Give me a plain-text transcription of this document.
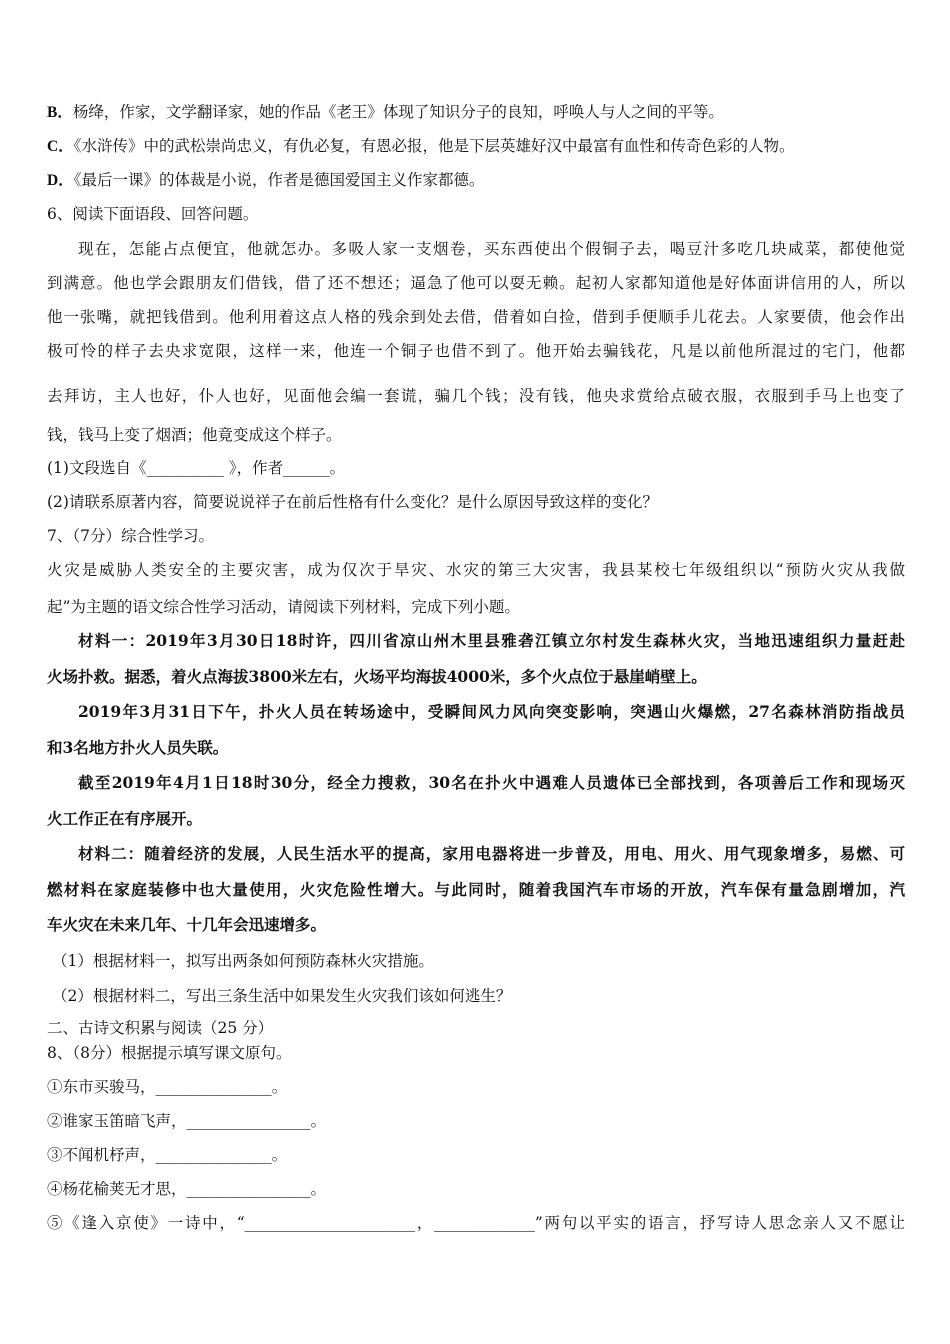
B．杨绛，作家，文学翻译家，她的作品《老王》体现了知识分子的良知，呼唤人与人之间的平等。
C．《水浒传》中的武松崇尚忠义，有仇必复，有恩必报，他是下层英雄好汉中最富有血性和传奇色彩的人物。
D．《最后一课》的体裁是小说，作者是德国爱国主义作家都德。
6、阅读下面语段、回答问题。
现在，怎能占点便宜，他就怎办。多吸人家一支烟卷，买东西使出个假铜子去，喝豆汁多吃几块咸菜，都使他觉
到满意。他也学会跟朋友们借钱，借了还不想还；逼急了他可以耍无赖。起初人家都知道他是好体面讲信用的人，所以
他一张嘴，就把钱借到。他利用着这点人格的残余到处去借，借着如白捡，借到手便顺手儿花去。人家要债，他会作出
极可怜的样子去央求宽限，这样一来，他连一个铜子也借不到了。他开始去骗钱花，凡是以前他所混过的宅门，他都
去拜访，主人也好，仆人也好，见面他会编一套谎，骗几个钱；没有钱，他央求赏给点破衣服，衣服到手马上也变了
钱，钱马上变了烟酒；他竟变成这个样子。
(1)文段选自《__________ 》，作者______。
(2)请联系原著内容，简要说说祥子在前后性格有什么变化？是什么原因导致这样的变化？
7、（7分）综合性学习。
火灾是威胁人类安全的主要灾害，成为仅次于旱灾、水灾的第三大灾害，我县某校七年级组织以“预防火灾从我做
起”为主题的语文综合性学习活动，请阅读下列材料，完成下列小题。
材料一：2019年3月30日18时许，四川省凉山州木里县雅砻江镇立尔村发生森林火灾，当地迅速组织力量赶赴
火场扑救。据悉，着火点海拔3800米左右，火场平均海拔4000米，多个火点位于悬崖峭壁上。
2019年3月31日下午，扑火人员在转场途中，受瞬间风力风向突变影响，突遇山火爆燃，27名森林消防指战员
和3名地方扑火人员失联。
截至2019年4月1日18时30分，经全力搜救，30名在扑火中遇难人员遗体已全部找到，各项善后工作和现场灭
火工作正在有序展开。
材料二：随着经济的发展，人民生活水平的提高，家用电器将进一步普及，用电、用火、用气现象增多，易燃、可
燃材料在家庭装修中也大量使用，火灾危险性增大。与此同时，随着我国汽车市场的开放，汽车保有量急剧增加，汽
车火灾在未来几年、十几年会迅速增多。
（1）根据材料一，拟写出两条如何预防森林火灾措施。
（2）根据材料二，写出三条生活中如果发生火灾我们该如何逃生？
二、古诗文积累与阅读（25 分）
8、（8分）根据提示填写课文原句。
①东市买骏马，_______________。
②谁家玉笛暗飞声，________________。
③不闻机杼声，_______________。
④杨花榆荚无才思，________________。
⑤《逢入京使》一诗中，“______________________，_____________”两句以平实的语言，抒写诗人思念亲人又不愿让
